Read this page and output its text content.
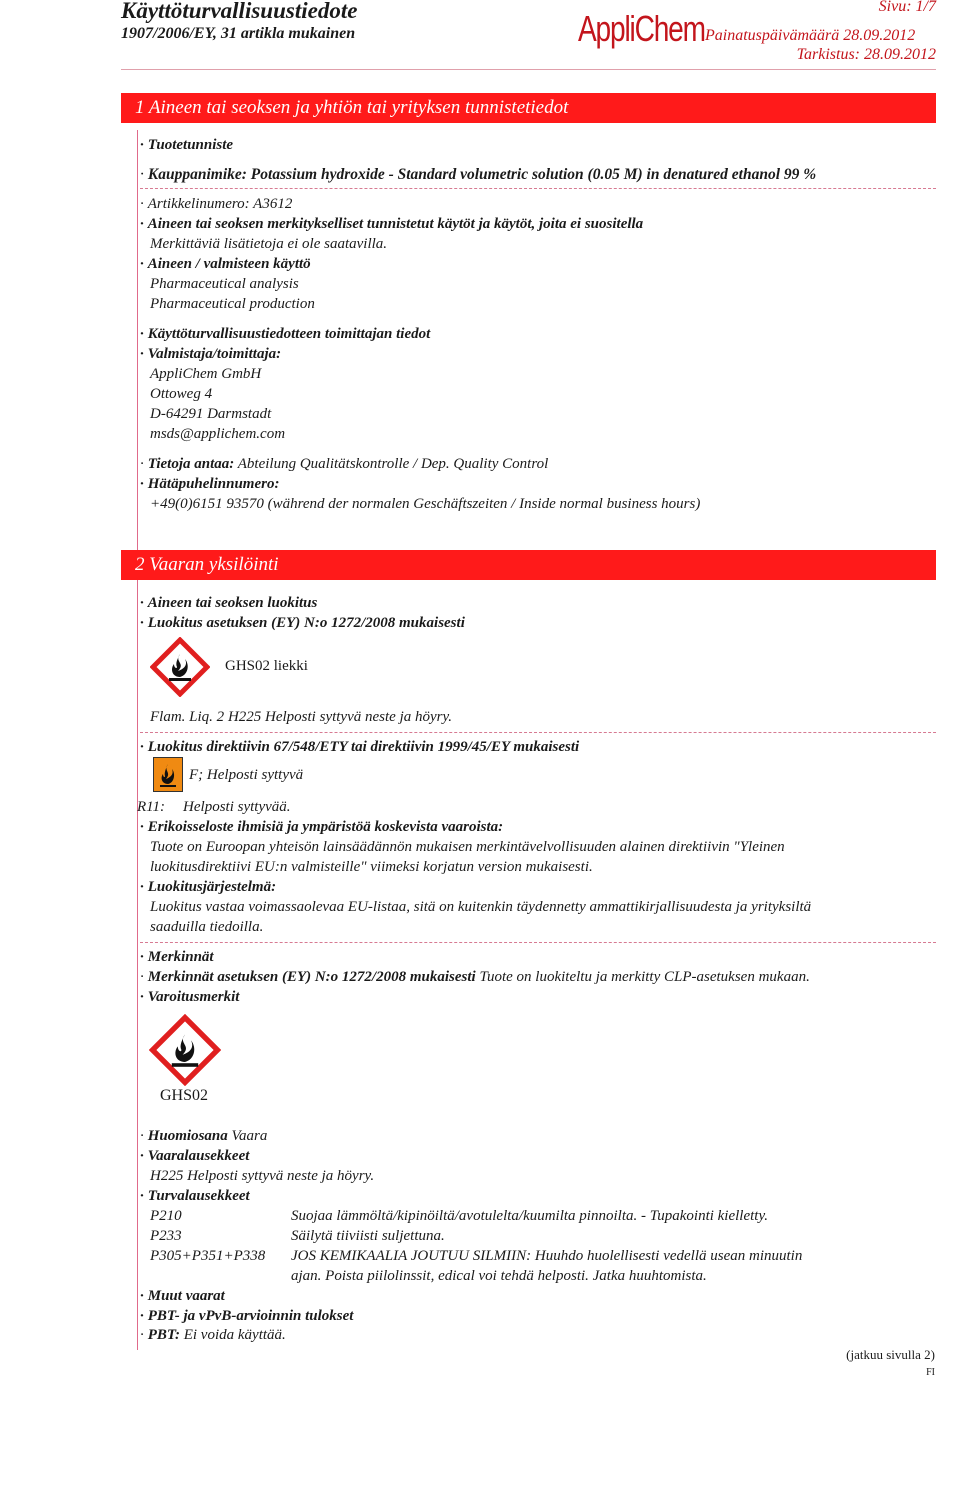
Käyttöturvallisuustiedote
1907/2006/EY, 31 artikla mukainen	AppliChem Painatuspäivämäärä 28.09.2012
Sivu: 1/7
Tarkistus: 28.09.2012
1 Aineen tai seoksen ja yhtiön tai yrityksen tunnistetiedot
· Tuotetunniste
· Kauppanimike: Potassium hydroxide - Standard volumetric solution (0.05 M) in denatured ethanol 99 %
· Artikkelinumero: A3612
· Aineen tai seoksen merkitykselliset tunnistetut käytöt ja käytöt, joita ei suositella
Merkittäviä lisätietoja ei ole saatavilla.
· Aineen / valmisteen käyttö
Pharmaceutical analysis
Pharmaceutical production
· Käyttöturvallisuustiedotteen toimittajan tiedot
· Valmistaja/toimittaja:
AppliChem GmbH
Ottoweg 4
D-64291 Darmstadt
msds@applichem.com
· Tietoja antaa: Abteilung Qualitätskontrolle / Dep. Quality Control
· Hätäpuhelinnumero:
+49(0)6151 93570 (während der normalen Geschäftszeiten / Inside normal business hours)
2 Vaaran yksilöinti
· Aineen tai seoksen luokitus
· Luokitus asetuksen (EY) N:o 1272/2008 mukaisesti
GHS02 liekki
Flam. Liq. 2 H225 Helposti syttyvä neste ja höyry.
· Luokitus direktiivin 67/548/ETY tai direktiivin 1999/45/EY mukaisesti
F; Helposti syttyvä
R11: Helposti syttyvää.
· Erikoisseloste ihmisiä ja ympäristöä koskevista vaaroista:
Tuote on Euroopan yhteisön lainsäädännön mukaisen merkintävelvollisuuden alainen direktiivin "Yleinen
luokitusdirektiivi EU:n valmisteille" viimeksi korjatun version mukaisesti.
· Luokitusjärjestelmä:
Luokitus vastaa voimassaolevaa EU-listaa, sitä on kuitenkin täydennetty ammattikirjallisuudesta ja yrityksiltä
saaduilla tiedoilla.
· Merkinnät
· Merkinnät asetuksen (EY) N:o 1272/2008 mukaisesti Tuote on luokiteltu ja merkitty CLP-asetuksen mukaan.
· Varoitusmerkit
GHS02
· Huomiosana Vaara
· Vaaralausekkeet
H225 Helposti syttyvä neste ja höyry.
· Turvalausekkeet
P210	Suojaa lämmöltä/kipinöiltä/avotulelta/kuumilta pinnoilta. - Tupakointi kielletty.
P233	Säilytä tiiviisti suljettuna.
P305+P351+P338 JOS KEMIKAALIA JOUTUU SILMIIN: Huuhdo huolellisesti vedellä usean minuutin
ajan. Poista piilolinssit, edical voi tehdä helposti. Jatka huuhtomista.
· Muut vaarat
· PBT- ja vPvB-arvioinnin tulokset
· PBT: Ei voida käyttää.
(jatkuu sivulla 2)
FI
